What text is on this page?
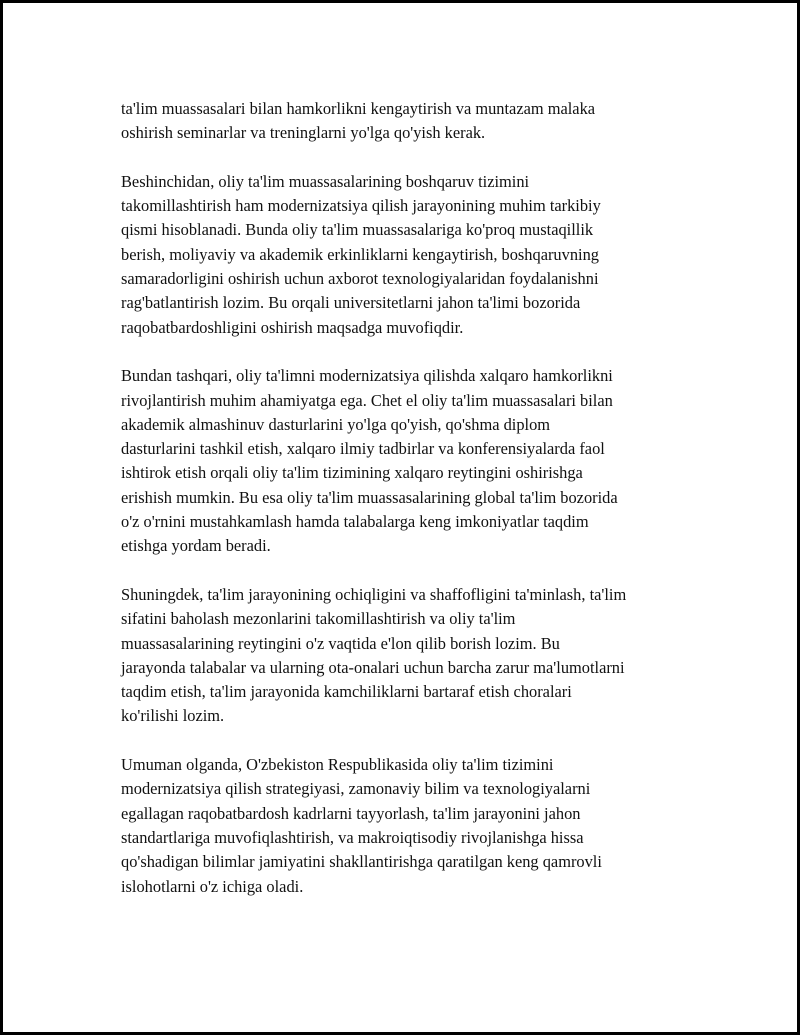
ta'lim muassasalari bilan hamkorlikni kengaytirish va muntazam malaka
oshirish seminarlar va treninglarni yo'lga qo'yish kerak.

Beshinchidan, oliy ta'lim muassasalarining boshqaruv tizimini
takomillashtirish ham modernizatsiya qilish jarayonining muhim tarkibiy
qismi hisoblanadi. Bunda oliy ta'lim muassasalariga ko'proq mustaqillik
berish, moliyaviy va akademik erkinliklarni kengaytirish, boshqaruvning
samaradorligini oshirish uchun axborot texnologiyalaridan foydalanishni
rag'batlantirish lozim. Bu orqali universitetlarni jahon ta'limi bozorida
raqobatbardoshligini oshirish maqsadga muvofiqdir.

Bundan tashqari, oliy ta'limni modernizatsiya qilishda xalqaro hamkorlikni
rivojlantirish muhim ahamiyatga ega. Chet el oliy ta'lim muassasalari bilan
akademik almashinuv dasturlarini yo'lga qo'yish, qo'shma diplom
dasturlarini tashkil etish, xalqaro ilmiy tadbirlar va konferensiyalarda faol
ishtirok etish orqali oliy ta'lim tizimining xalqaro reytingini oshirishga
erishish mumkin. Bu esa oliy ta'lim muassasalarining global ta'lim bozorida
o'z o'rnini mustahkamlash hamda talabalarga keng imkoniyatlar taqdim
etishga yordam beradi.

Shuningdek, ta'lim jarayonining ochiqligini va shaffofligini ta'minlash, ta'lim
sifatini baholash mezonlarini takomillashtirish va oliy ta'lim
muassasalarining reytingini o'z vaqtida e'lon qilib borish lozim. Bu
jarayonda talabalar va ularning ota-onalari uchun barcha zarur ma'lumotlarni
taqdim etish, ta'lim jarayonida kamchiliklarni bartaraf etish choralari
ko'rilishi lozim.

Umuman olganda, O'zbekiston Respublikasida oliy ta'lim tizimini
modernizatsiya qilish strategiyasi, zamonaviy bilim va texnologiyalarni
egallagan raqobatbardosh kadrlarni tayyorlash, ta'lim jarayonini jahon
standartlariga muvofiqlashtirish, va makroiqtisodiy rivojlanishga hissa
qo'shadigan bilimlar jamiyatini shakllantirishga qaratilgan keng qamrovli
islohotlarni o'z ichiga oladi.
